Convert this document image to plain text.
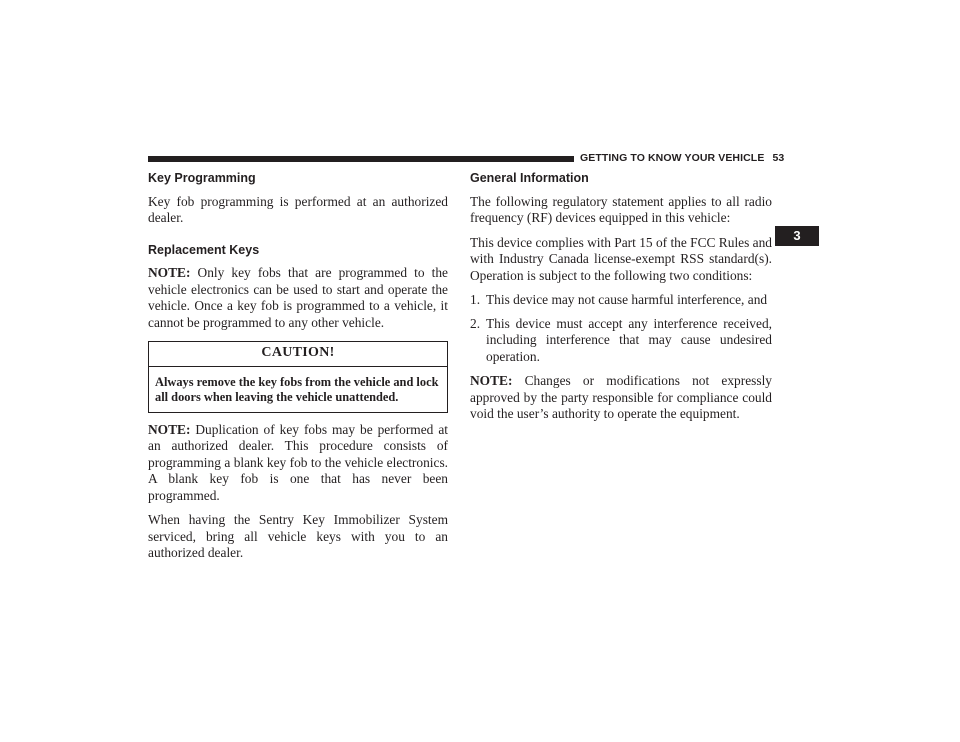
GETTING TO KNOW YOUR VEHICLE 53
3
Key Programming

Key fob programming is performed at an authorized dealer.

Replacement Keys

NOTE: Only key fobs that are programmed to the vehicle electronics can be used to start and operate the vehicle. Once a key fob is programmed to a vehicle, it cannot be programmed to any other vehicle.

CAUTION!
Always remove the key fobs from the vehicle and lock all doors when leaving the vehicle unattended.

NOTE: Duplication of key fobs may be performed at an authorized dealer. This procedure consists of programming a blank key fob to the vehicle electronics. A blank key fob is one that has never been programmed.

When having the Sentry Key Immobilizer System serviced, bring all vehicle keys with you to an authorized dealer.

General Information

The following regulatory statement applies to all radio frequency (RF) devices equipped in this vehicle:

This device complies with Part 15 of the FCC Rules and with Industry Canada license-exempt RSS standard(s). Operation is subject to the following two conditions:

1. This device may not cause harmful interference, and
2. This device must accept any interference received, including interference that may cause undesired operation.

NOTE: Changes or modifications not expressly approved by the party responsible for compliance could void the user’s authority to operate the equipment.
